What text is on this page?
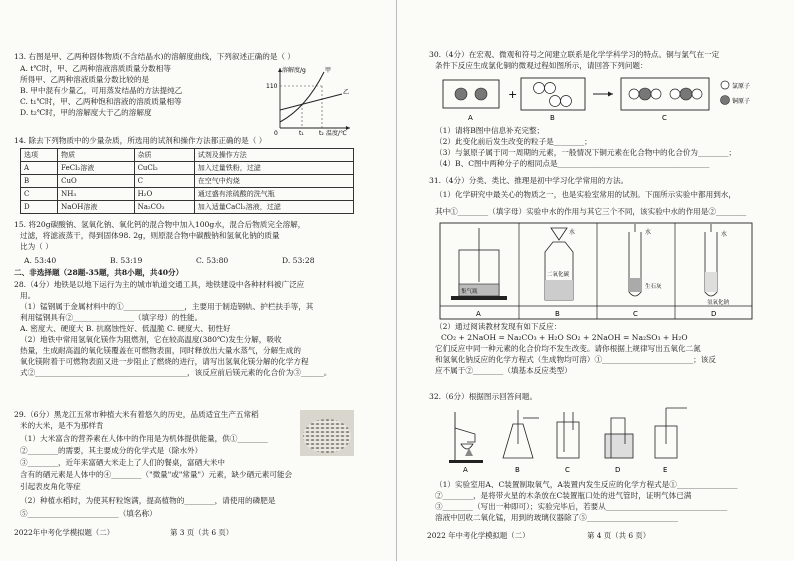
13. 右图是甲、乙两种固体物质(不含结晶水)的溶解度曲线，下列叙述正确的是（ ）
A. t℃时，甲、乙两种溶液溶质质量分数相等
所得甲、乙两种溶液质量分数比较的是
B. 甲中混有少量乙，可用蒸发结晶的方法提纯乙
C. t₁℃时，甲、乙两种饱和溶液的溶质质量相等
D. t₂℃时，甲的溶解度大于乙的溶解度
溶解度/g
110
0	t₁	t₂ 温度/℃
甲
乙
14. 除去下列物质中的少量杂质，所选用的试剂和操作方法都正确的是（ ）
选项	物质	杂质	试剂及操作方法
A	FeCl₂溶液	CuCl₂	加入过量铁粉，过滤
B	CuO	C	在空气中灼烧
C	NH₃	H₂O	通过盛有浓硫酸的洗气瓶
D	NaOH溶液	Na₂CO₃	加入适量CaCl₂溶液，过滤
15. 将20g碳酸钠、氢氧化钠、氧化钙的混合物中加入100g水，混合后物质完全溶解，
过滤，将滤液蒸干，得到固体98. 2g，则原混合物中碳酸钠和氢氧化钠的质量
比为（ ）
A. 53:40	B. 53:19	C. 53:80	D. 53:28
二、非选择题（28题-35题，共8小题，共40分）
28.（4分）地铁是以地下运行为主的城市轨道交通工具，地铁建设中各种材料被广泛应
用。
（1）锰钢属于金属材料中的①________________，主要用于制造钢轨、护栏扶手等，其
利用锰钢具有②________________（填字母）的性能。
A. 密度大、硬度大 B. 抗腐蚀性好、低温脆 C. 硬度大、韧性好
（2）地铁中常用氢氧化镁作为阻燃剂，它在较高温度(380℃)发生分解，吸收
热量，生成耐高温的氧化镁覆盖在可燃物表面，同时释放出大量水蒸气，分解生成的
氧化镁附着于可燃物表面又进一步阻止了燃烧的进行，请写出氢氧化镁分解的化学方程
式②________________________________________，该反应前后镁元素的化合价为③______。
29.（6分）黑龙江五常市种植大米有着悠久的历史，品质适宜生产五常稻
米的大米，是不为那样肯
（1）大米富含的营养素在人体中的作用是为机体提供能量，供①________
②________的需要，其主要成分的化学式是（除水外）
③________，近年来富硒大米走上了人们的餐桌，富硒大米中
含有的硒元素是人体中的④________（"微量"或"常量"）元素，缺少硒元素可能会
引起表皮角化等症
（2）种植水稻时，为使其籽粒饱满，提高植物的________，请使用的磷肥是
⑤________________________（填名称）
2022年中考化学模拟题（二）	第 3 页（共 6 页）
30.（4分）在宏观、微观和符号之间建立联系是化学学科学习的特点。铜与氯气在一定
条件下反应生成氯化铜的微观过程如图所示，请回答下列问题：
+
氯原子
铜原子
A	B	C
（1）请将B图中信息补充完整；
（2）此变化前后发生改变的粒子是________；
（3）与氯原子属于同一周期的元素，一般情况下铜元素在化合物中的化合价为________；
（4）B、C图中两种分子的相同点是________________________________________
31.（4分）分类、类比、推理是初中学习化学常用的方法。
（1）化学研究中最关心的物质之一，也是实验室常用的试剂。下面所示实验中都用到水，
其中①________（填字母）实验中水的作用与其它三个不同，该实验中水的作用是②________
集气瓶
水
二氧化碳
水
生石灰
水
氢氧化钠
A	B	C	D
（2）通过阅读教材发现有如下反应：
CO₂ + 2NaOH = Na₂CO₃ + H₂O SO₂ + 2NaOH = Na₂SO₃ + H₂O
它们反应中同一种元素的化合价均不发生改变。请你根据上规律写出五氧化二氮
和氢氧化钠反应的化学方程式（生成物均可溶）①________________________；该反
应不属于②________（填基本反应类型）
32.（6分）根据图示回答问题。
A	B	C	D	E
（1）实验室用A、C装置制取氧气，A装置内发生反应的化学方程式是①________________
②________，是将带火星的木条放在C装置瓶口处的进气管时，证明气体已满
③________（写出一种即可）；实验完毕后，若要从________________________________
溶液中回收二氧化锰，用到的玻璃仪器除了⑤________________________
2022 年中考化学模拟题（二）	第 4 页（共 6 页）
